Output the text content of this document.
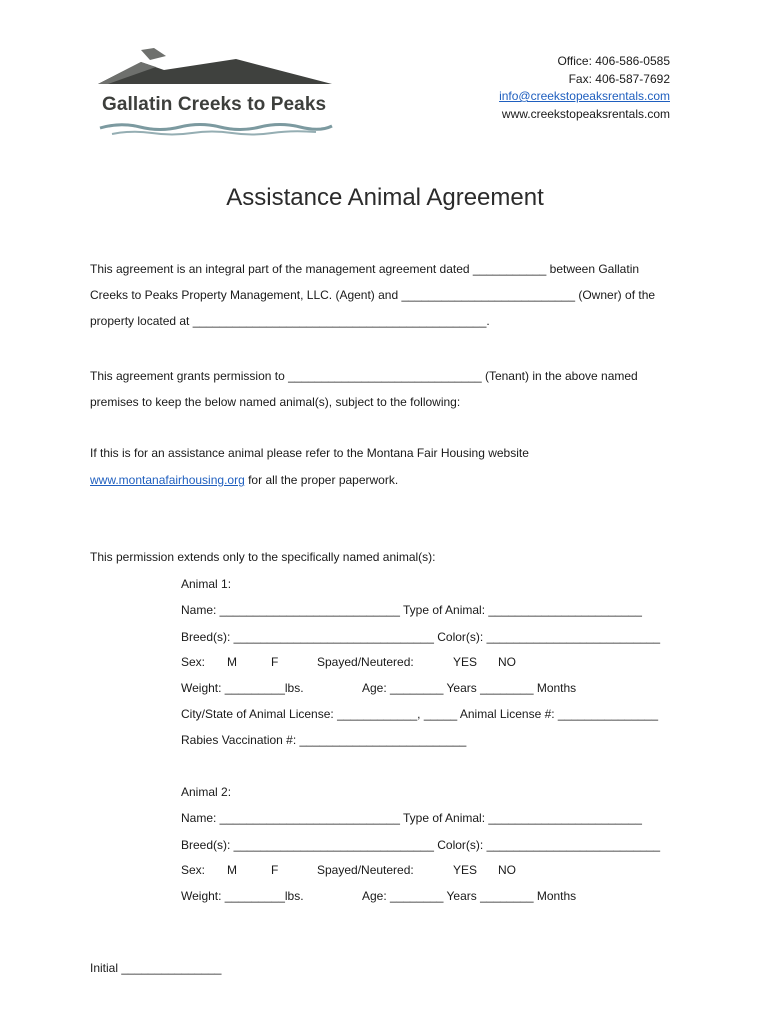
Gallatin Creeks to Peaks
Office: 406-586-0585
Fax: 406-587-7692
info@creekstopeaksrentals.com
www.creekstopeaksrentals.com
Assistance Animal Agreement
This agreement is an integral part of the management agreement dated ___________ between Gallatin
Creeks to Peaks Property Management, LLC. (Agent) and __________________________ (Owner) of the
property located at ____________________________________________.
This agreement grants permission to _____________________________ (Tenant) in the above named
premises to keep the below named animal(s), subject to the following:
If this is for an assistance animal please refer to the Montana Fair Housing website
www.montanafairhousing.org for all the proper paperwork.
This permission extends only to the specifically named animal(s):
Animal 1:
Name: ___________________________ Type of Animal: _______________________
Breed(s): ______________________________ Color(s): __________________________
Sex: M	F	Spayed/Neutered:	YES NO
Weight: _________lbs.	Age: ________ Years ________ Months
City/State of Animal License: ____________, _____ Animal License #: _______________
Rabies Vaccination #: _________________________
Animal 2:
Name: ___________________________ Type of Animal: _______________________
Breed(s): ______________________________ Color(s): __________________________
Sex: M	F	Spayed/Neutered:	YES NO
Weight: _________lbs.	Age: ________ Years ________ Months
Initial _______________
